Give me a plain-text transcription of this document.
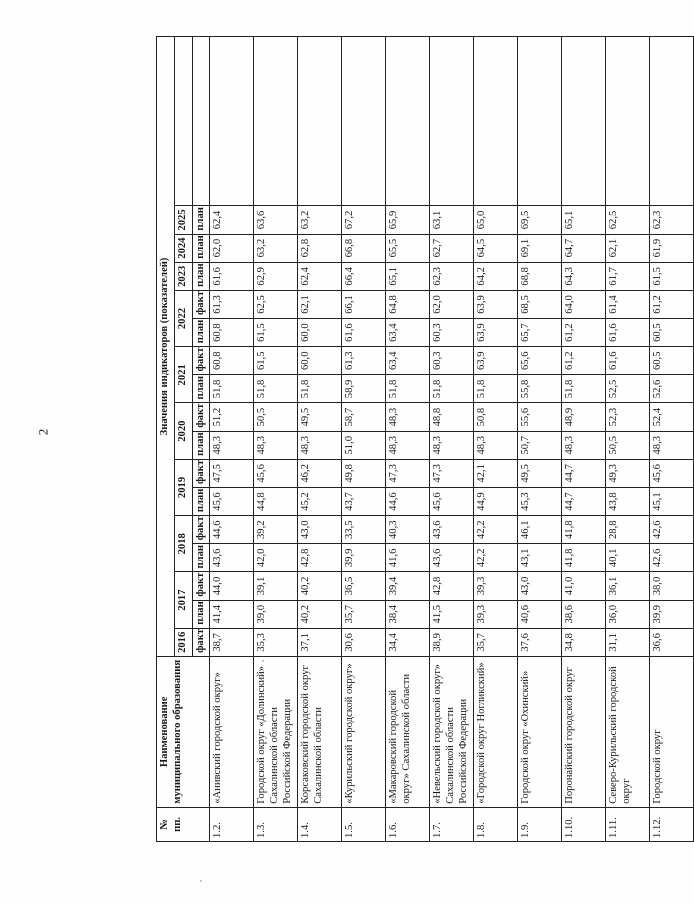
2
№
пп.	Наименование муниципального образования	Значения индикаторов (показателей)																
		2016	2017		2018		2019		2020		2021		2022		2023	2024	2025	
		факт	план	факт	план	факт	план	факт	план	факт	план	факт	план	факт	план	план	план	
1.2.	«Анивский городской округ»	38,7	41,4	44,0	43,6	44,6	45,6	47,5	48,3	51,2	51,8	60,8	60,8	61,3	61,6	62,0	62,4	
1.3.	Городской округ «Долинский» Сахалинской области Российской Федерации	35,3	39,0	39,1	42,0	39,2	44,8	45,6	48,3	50,5	51,8	61,5	61,5	62,5	62,9	63,2	63,6	
1.4.	Корсаковский городской округ Сахалинской области	37,1	40,2	40,2	42,8	43,0	45,2	46,2	48,3	49,5	51,8	60,0	60,0	62,1	62,4	62,8	63,2	
1.5.	«Курильский городской округ»	30,6	35,7	36,5	39,9	33,5	43,7	49,8	51,0	58,7	58,9	61,3	61,6	66,1	66,4	66,8	67,2	
1.6.	«Макаровский городской округ» Сахалинской области	34,4	38,4	39,4	41,6	40,3	44,6	47,3	48,3	48,3	51,8	63,4	63,4	64,8	65,1	65,5	65,9	
1.7.	«Невельский городской округ» Сахалинской области Российской Федерации	38,9	41,5	42,8	43,6	43,6	45,6	47,3	48,3	48,8	51,8	60,3	60,3	62,0	62,3	62,7	63,1	
1.8.	«Городской округ Ногликский»	35,7	39,3	39,3	42,2	42,2	44,9	42,1	48,3	50,8	51,8	63,9	63,9	63,9	64,2	64,5	65,0	
1.9.	Городской округ «Охинский»	37,6	40,6	43,0	43,1	46,1	45,3	49,5	50,7	55,6	55,8	65,6	65,7	68,5	68,8	69,1	69,5	
1.10.	Поронайский городской округ	34,8	38,6	41,0	41,8	41,8	44,7	44,7	48,3	48,9	51,8	61,2	61,2	64,0	64,3	64,7	65,1	
1.11.	Северо-Курильский городской округ	31,1	36,0	36,1	40,1	28,8	43,8	49,3	50,5	52,3	52,5	61,6	61,6	61,4	61,7	62,1	62,5	
1.12.	Городской округ	36,6	39,9	38,0	42,6	42,6	45,1	45,6	48,3	52,4	52,6	60,5	60,5	61,2	61,5	61,9	62,3	
